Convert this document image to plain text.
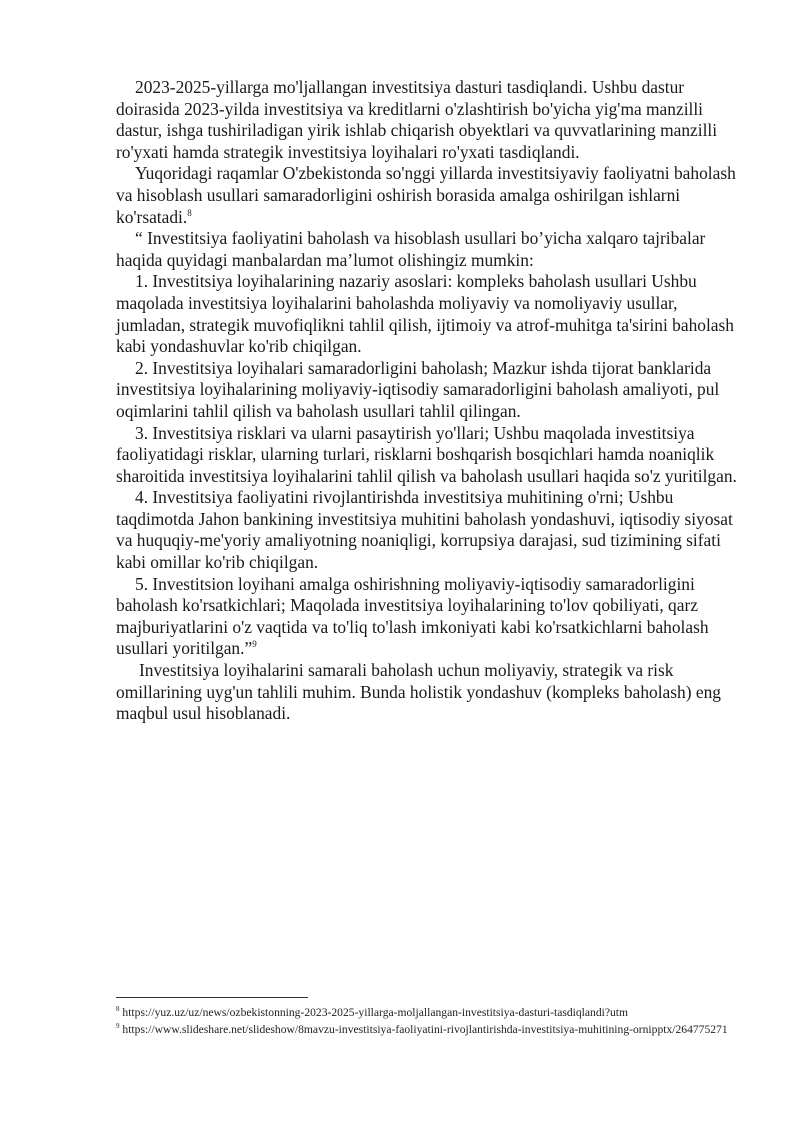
2023-2025-yillarga mo'ljallangan investitsiya dasturi tasdiqlandi. Ushbu dastur doirasida 2023-yilda investitsiya va kreditlarni o'zlashtirish bo'yicha yig'ma manzilli dastur, ishga tushiriladigan yirik ishlab chiqarish obyektlari va quvvatlarining manzilli ro'yxati hamda strategik investitsiya loyihalari ro'yxati tasdiqlandi.

Yuqoridagi raqamlar O'zbekistonda so'nggi yillarda investitsiyaviy faoliyatni baholash va hisoblash usullari samaradorligini oshirish borasida amalga oshirilgan ishlarni ko'rsatadi.$^8$

“ Investitsiya faoliyatini baholash va hisoblash usullari bo’yicha xalqaro tajribalar haqida quyidagi manbalardan ma’lumot olishingiz mumkin:

1. Investitsiya loyihalarining nazariy asoslari: kompleks baholash usullari Ushbu maqolada investitsiya loyihalarini baholashda moliyaviy va nomoliyaviy usullar, jumladan, strategik muvofiqlikni tahlil qilish, ijtimoiy va atrof-muhitga ta'sirini baholash kabi yondashuvlar ko'rib chiqilgan.

2. Investitsiya loyihalari samaradorligini baholash; Mazkur ishda tijorat banklarida investitsiya loyihalarining moliyaviy-iqtisodiy samaradorligini baholash amaliyoti, pul oqimlarini tahlil qilish va baholash usullari tahlil qilingan.

3. Investitsiya risklari va ularni pasaytirish yo'llari; Ushbu maqolada investitsiya faoliyatidagi risklar, ularning turlari, risklarni boshqarish bosqichlari hamda noaniqlik sharoitida investitsiya loyihalarini tahlil qilish va baholash usullari haqida so'z yuritilgan.

4. Investitsiya faoliyatini rivojlantirishda investitsiya muhitining o'rni; Ushbu taqdimotda Jahon bankining investitsiya muhitini baholash yondashuvi, iqtisodiy siyosat va huquqiy-me'yoriy amaliyotning noaniqligi, korrupsiya darajasi, sud tizimining sifati kabi omillar ko'rib chiqilgan.

5. Investitsion loyihani amalga oshirishning moliyaviy-iqtisodiy samaradorligini baholash ko'rsatkichlari; Maqolada investitsiya loyihalarining to'lov qobiliyati, qarz majburiyatlarini o'z vaqtida va to'liq to'lash imkoniyati kabi ko'rsatkichlarni baholash usullari yoritilgan.”$^9$

Investitsiya loyihalarini samarali baholash uchun moliyaviy, strategik va risk omillarining uyg'un tahlili muhim. Bunda holistik yondashuv (kompleks baholash) eng maqbul usul hisoblanadi.

$^8$ https://yuz.uz/uz/news/ozbekistonning-2023-2025-yillarga-moljallangan-investitsiya-dasturi-tasdiqlandi?utm

$^9$ https://www.slideshare.net/slideshow/8mavzu-investitsiya-faoliyatini-rivojlantirishda-investitsiya-muhitining-ornipptx/264775271
